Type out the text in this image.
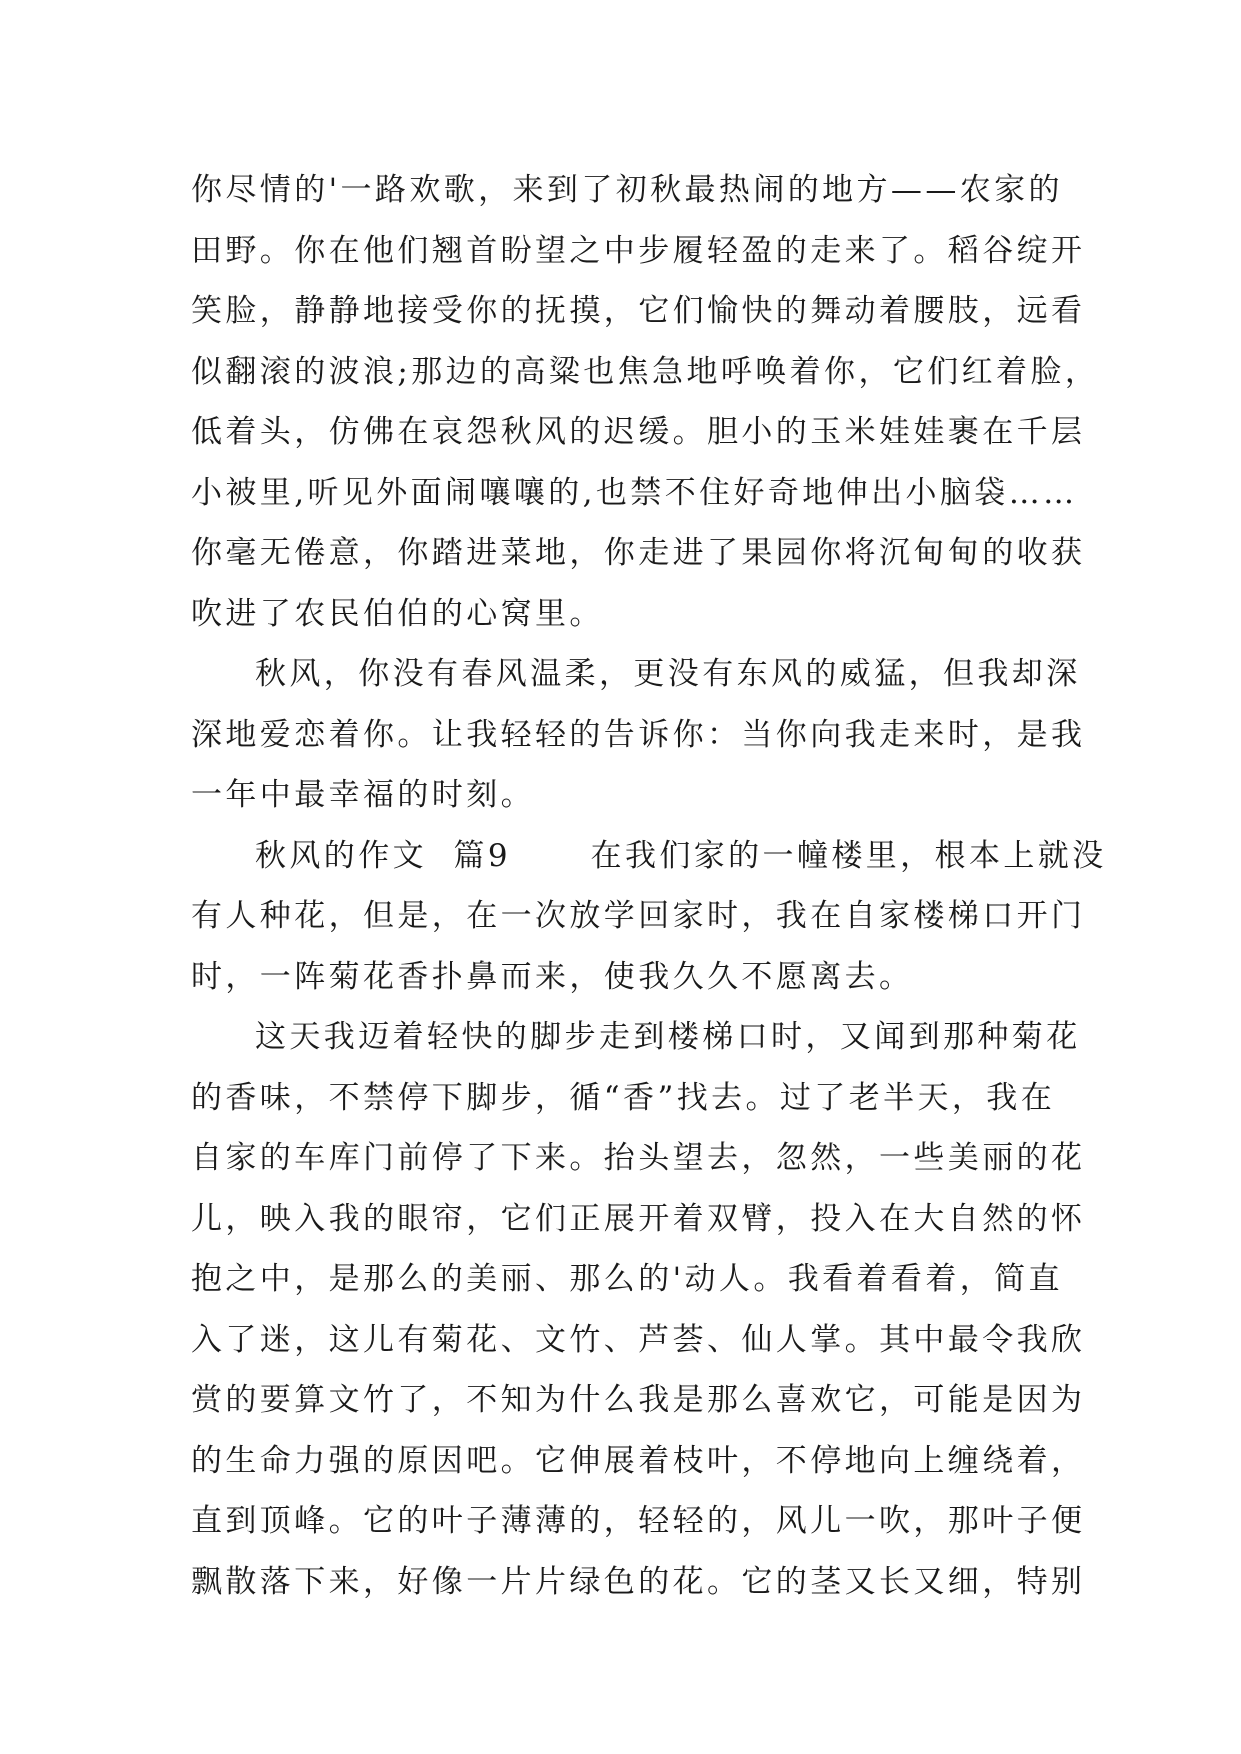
你尽情的'一路欢歌，来到了初秋最热闹的地方——农家的
田野。你在他们翘首盼望之中步履轻盈的走来了。稻谷绽开
笑脸，静静地接受你的抚摸，它们愉快的舞动着腰肢，远看
似翻滚的波浪;那边的高粱也焦急地呼唤着你，它们红着脸，
低着头，仿佛在哀怨秋风的迟缓。胆小的玉米娃娃裹在千层
小被里,听见外面闹嚷嚷的,也禁不住好奇地伸出小脑袋……
你毫无倦意，你踏进菜地，你走进了果园你将沉甸甸的收获
吹进了农民伯伯的心窝里。
秋风，你没有春风温柔，更没有东风的威猛，但我却深
深地爱恋着你。让我轻轻的告诉你：当你向我走来时，是我
一年中最幸福的时刻。
秋风的作文  篇9      在我们家的一幢楼里，根本上就没
有人种花，但是，在一次放学回家时，我在自家楼梯口开门
时，一阵菊花香扑鼻而来，使我久久不愿离去。
这天我迈着轻快的脚步走到楼梯口时，又闻到那种菊花
的香味，不禁停下脚步，循“香”找去。过了老半天，我在
自家的车库门前停了下来。抬头望去，忽然，一些美丽的花
儿，映入我的眼帘，它们正展开着双臂，投入在大自然的怀
抱之中，是那么的美丽、那么的'动人。我看着看着，简直
入了迷，这儿有菊花、文竹、芦荟、仙人掌。其中最令我欣
赏的要算文竹了，不知为什么我是那么喜欢它，可能是因为
的生命力强的原因吧。它伸展着枝叶，不停地向上缠绕着，
直到顶峰。它的叶子薄薄的，轻轻的，风儿一吹，那叶子便
飘散落下来，好像一片片绿色的花。它的茎又长又细，特别
